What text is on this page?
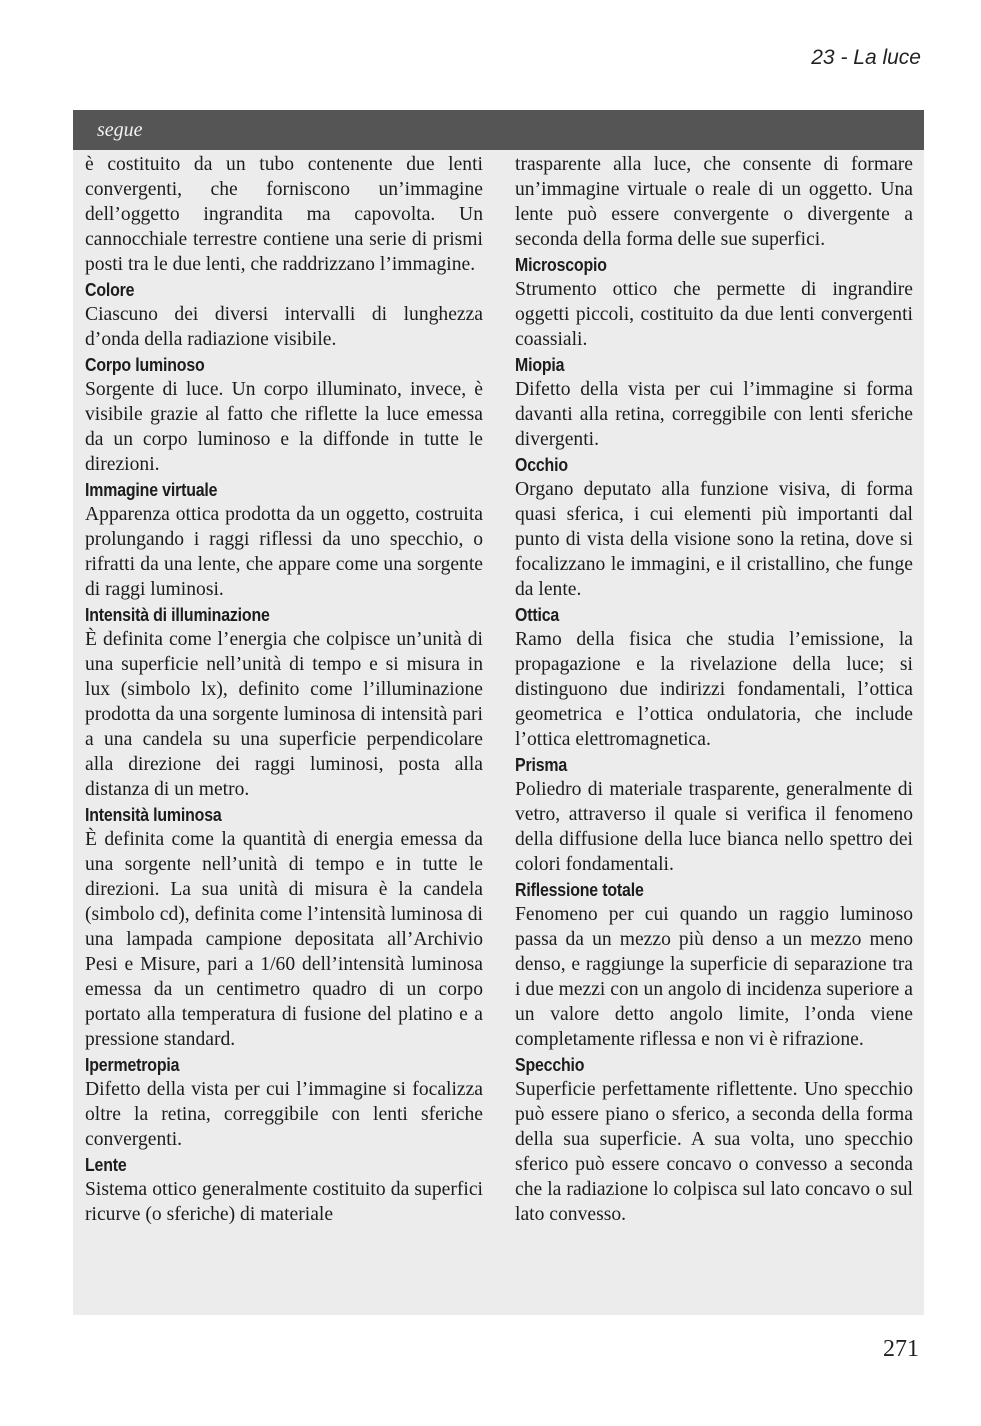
23 - La luce
segue

è costituito da un tubo contenente due lenti convergenti, che forniscono un’immagine dell’oggetto ingrandita ma capovolta. Un cannocchiale terrestre contiene una serie di prismi posti tra le due lenti, che raddrizzano l’immagine.

Colore

Ciascuno dei diversi intervalli di lunghezza d’onda della radiazione visibile.

Corpo luminoso

Sorgente di luce. Un corpo illuminato, invece, è visibile grazie al fatto che riflette la luce emessa da un corpo luminoso e la diffonde in tutte le direzioni.

Immagine virtuale

Apparenza ottica prodotta da un oggetto, costruita prolungando i raggi riflessi da uno specchio, o rifratti da una lente, che appare come una sorgente di raggi luminosi.

Intensità di illuminazione

È definita come l’energia che colpisce un’unità di una superficie nell’unità di tempo e si misura in lux (simbolo lx), definito come l’illuminazione prodotta da una sorgente luminosa di intensità pari a una candela su una superficie perpendicolare alla direzione dei raggi luminosi, posta alla distanza di un metro.

Intensità luminosa

È definita come la quantità di energia emessa da una sorgente nell’unità di tempo e in tutte le direzioni. La sua unità di misura è la candela (simbolo cd), definita come l’intensità luminosa di una lampada campione depositata all’Archivio Pesi e Misure, pari a 1/60 dell’intensità luminosa emessa da un centimetro quadro di un corpo portato alla temperatura di fusione del platino e a pressione standard.

Ipermetropia

Difetto della vista per cui l’immagine si focalizza oltre la retina, correggibile con lenti sferiche convergenti.

Lente

Sistema ottico generalmente costituito da superfici ricurve (o sferiche) di materiale

trasparente alla luce, che consente di formare un’immagine virtuale o reale di un oggetto. Una lente può essere convergente o divergente a seconda della forma delle sue superfici.

Microscopio

Strumento ottico che permette di ingrandire oggetti piccoli, costituito da due lenti convergenti coassiali.

Miopia

Difetto della vista per cui l’immagine si forma davanti alla retina, correggibile con lenti sferiche divergenti.

Occhio

Organo deputato alla funzione visiva, di forma quasi sferica, i cui elementi più importanti dal punto di vista della visione sono la retina, dove si focalizzano le immagini, e il cristallino, che funge da lente.

Ottica

Ramo della fisica che studia l’emissione, la propagazione e la rivelazione della luce; si distinguono due indirizzi fondamentali, l’ottica geometrica e l’ottica ondulatoria, che include l’ottica elettromagnetica.

Prisma

Poliedro di materiale trasparente, generalmente di vetro, attraverso il quale si verifica il fenomeno della diffusione della luce bianca nello spettro dei colori fondamentali.

Riflessione totale

Fenomeno per cui quando un raggio luminoso passa da un mezzo più denso a un mezzo meno denso, e raggiunge la superficie di separazione tra i due mezzi con un angolo di incidenza superiore a un valore detto angolo limite, l’onda viene completamente riflessa e non vi è rifrazione.

Specchio

Superficie perfettamente riflettente. Uno specchio può essere piano o sferico, a seconda della forma della sua superficie. A sua volta, uno specchio sferico può essere concavo o convesso a seconda che la radiazione lo colpisca sul lato concavo o sul lato convesso.

271
